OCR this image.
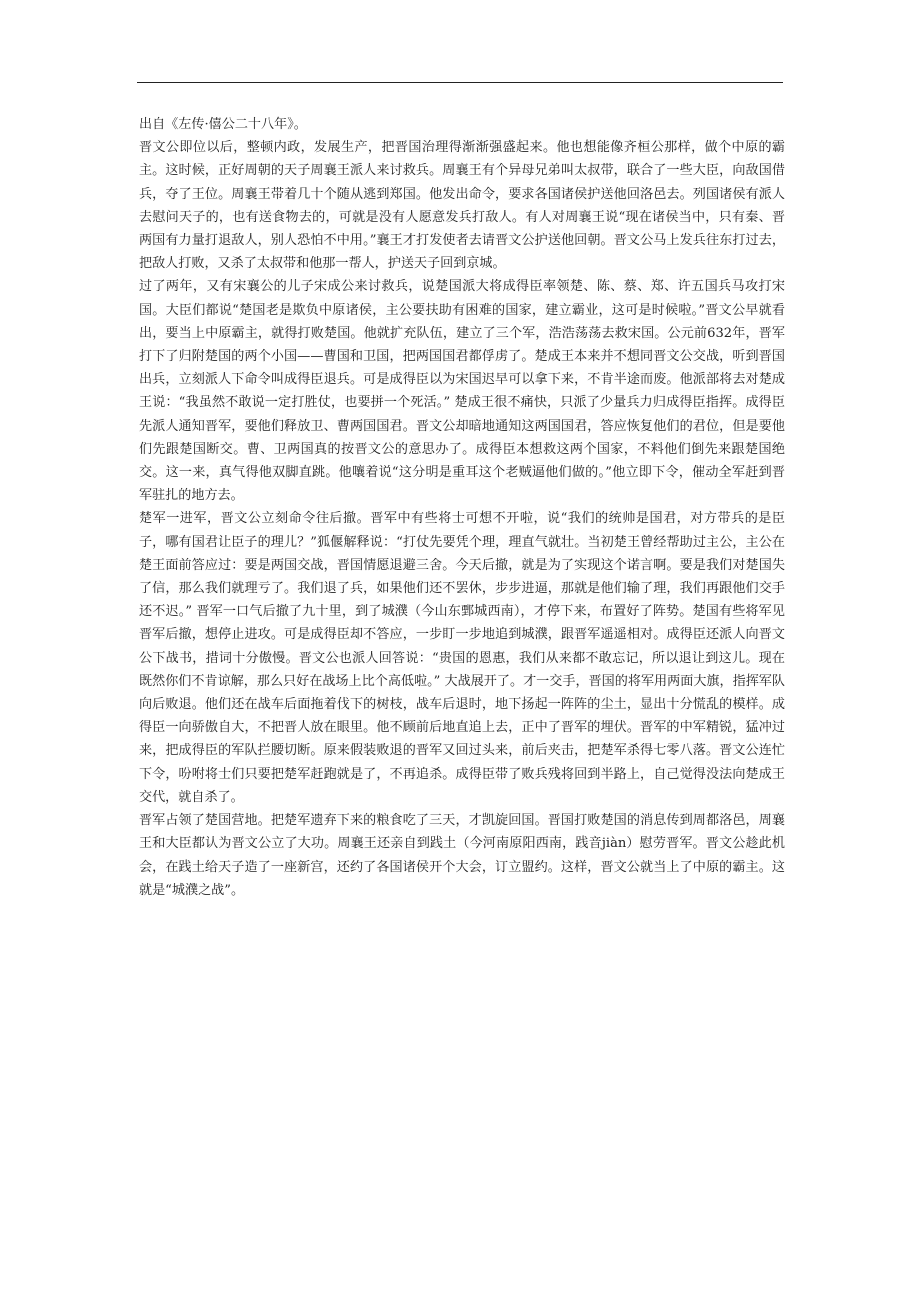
出自《左传·僖公二十八年》。

晋文公即位以后，整顿内政，发展生产，把晋国治理得渐渐强盛起来。他也想能像齐桓公那样，做个中原的霸主。这时候，正好周朝的天子周襄王派人来讨救兵。周襄王有个异母兄弟叫太叔带，联合了一些大臣，向敌国借兵，夺了王位。周襄王带着几十个随从逃到郑国。他发出命令，要求各国诸侯护送他回洛邑去。列国诸侯有派人去慰问天子的，也有送食物去的，可就是没有人愿意发兵打敌人。有人对周襄王说“现在诸侯当中，只有秦、晋两国有力量打退敌人，别人恐怕不中用。”襄王才打发使者去请晋文公护送他回朝。晋文公马上发兵往东打过去，把敌人打败，又杀了太叔带和他那一帮人，护送天子回到京城。

过了两年，又有宋襄公的儿子宋成公来讨救兵，说楚国派大将成得臣率领楚、陈、蔡、郑、许五国兵马攻打宋国。大臣们都说“楚国老是欺负中原诸侯，主公要扶助有困难的国家，建立霸业，这可是时候啦。”晋文公早就看出，要当上中原霸主，就得打败楚国。他就扩充队伍，建立了三个军，浩浩荡荡去救宋国。公元前632年，晋军打下了归附楚国的两个小国——曹国和卫国，把两国国君都俘虏了。楚成王本来并不想同晋文公交战，听到晋国出兵，立刻派人下命令叫成得臣退兵。可是成得臣以为宋国迟早可以拿下来，不肯半途而废。他派部将去对楚成王说：“我虽然不敢说一定打胜仗，也要拼一个死活。” 楚成王很不痛快，只派了少量兵力归成得臣指挥。成得臣先派人通知晋军，要他们释放卫、曹两国国君。晋文公却暗地通知这两国国君，答应恢复他们的君位，但是要他们先跟楚国断交。曹、卫两国真的按晋文公的意思办了。成得臣本想救这两个国家，不料他们倒先来跟楚国绝交。这一来，真气得他双脚直跳。他嚷着说“这分明是重耳这个老贼逼他们做的。”他立即下令，催动全军赶到晋军驻扎的地方去。

楚军一进军，晋文公立刻命令往后撤。晋军中有些将士可想不开啦，说“我们的统帅是国君，对方带兵的是臣子，哪有国君让臣子的理儿？”狐偃解释说：“打仗先要凭个理，理直气就壮。当初楚王曾经帮助过主公，主公在楚王面前答应过：要是两国交战，晋国情愿退避三舍。今天后撤，就是为了实现这个诺言啊。要是我们对楚国失了信，那么我们就理亏了。我们退了兵，如果他们还不罢休，步步进逼，那就是他们输了理，我们再跟他们交手还不迟。” 晋军一口气后撤了九十里，到了城濮（今山东鄄城西南），才停下来，布置好了阵势。楚国有些将军见晋军后撤，想停止进攻。可是成得臣却不答应，一步盯一步地追到城濮，跟晋军遥遥相对。成得臣还派人向晋文公下战书，措词十分傲慢。晋文公也派人回答说：“贵国的恩惠，我们从来都不敢忘记，所以退让到这儿。现在既然你们不肯谅解，那么只好在战场上比个高低啦。” 大战展开了。才一交手，晋国的将军用两面大旗，指挥军队向后败退。他们还在战车后面拖着伐下的树枝，战车后退时，地下扬起一阵阵的尘土，显出十分慌乱的模样。成得臣一向骄傲自大，不把晋人放在眼里。他不顾前后地直追上去，正中了晋军的埋伏。晋军的中军精锐，猛冲过来，把成得臣的军队拦腰切断。原来假装败退的晋军又回过头来，前后夹击，把楚军杀得七零八落。晋文公连忙下令，吩咐将士们只要把楚军赶跑就是了，不再追杀。成得臣带了败兵残将回到半路上，自己觉得没法向楚成王交代，就自杀了。

晋军占领了楚国营地。把楚军遗弃下来的粮食吃了三天，才凯旋回国。晋国打败楚国的消息传到周都洛邑，周襄王和大臣都认为晋文公立了大功。周襄王还亲自到践土（今河南原阳西南，践音jiàn）慰劳晋军。晋文公趁此机会，在践土给天子造了一座新宫，还约了各国诸侯开个大会，订立盟约。这样，晋文公就当上了中原的霸主。这就是“城濮之战”。
